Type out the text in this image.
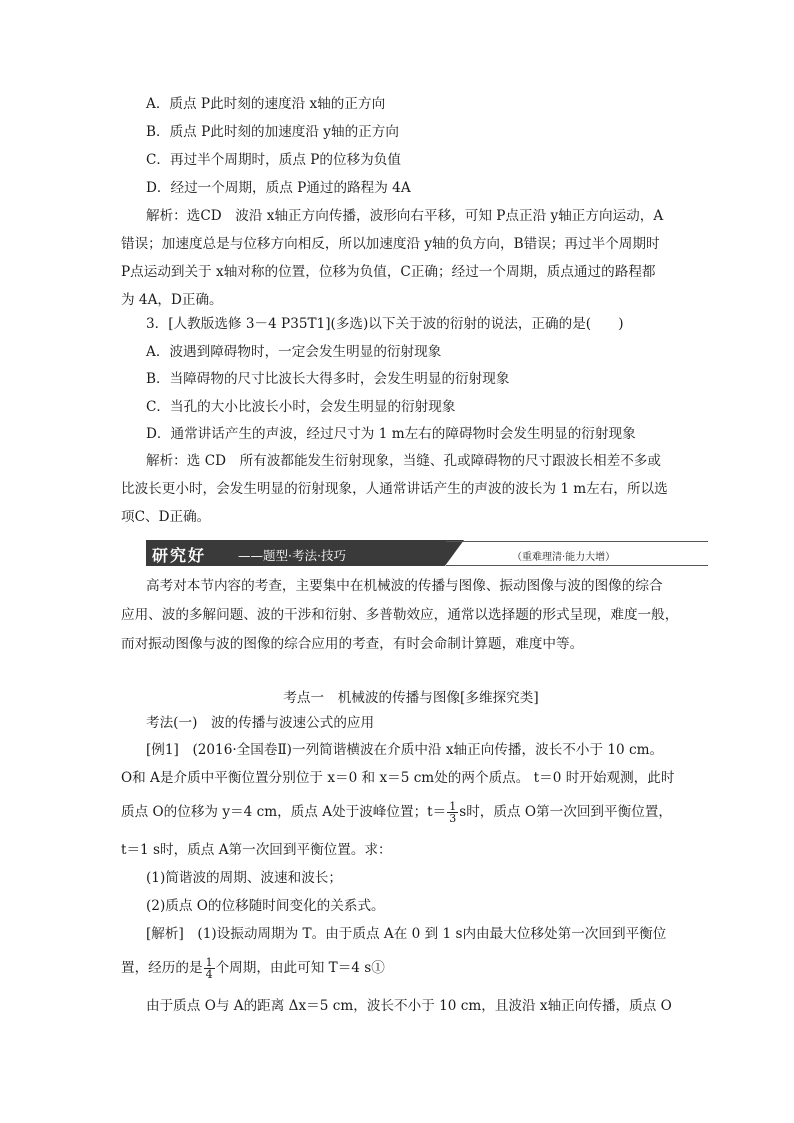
A．质点 P此时刻的速度沿 x轴的正方向
B．质点 P此时刻的加速度沿 y轴的正方向
C．再过半个周期时，质点 P的位移为负值
D．经过一个周期，质点 P通过的路程为 4A
解析：选CD　波沿 x轴正方向传播，波形向右平移，可知 P点正沿 y轴正方向运动，A
错误；加速度总是与位移方向相反，所以加速度沿 y轴的负方向，B错误；再过半个周期时
P点运动到关于 x轴对称的位置，位移为负值，C正确；经过一个周期，质点通过的路程都
为 4A，D正确。
3．[人教版选修 3－4 P35T1](多选)以下关于波的衍射的说法，正确的是(　　)
A．波遇到障碍物时，一定会发生明显的衍射现象
B．当障碍物的尺寸比波长大得多时，会发生明显的衍射现象
C．当孔的大小比波长小时，会发生明显的衍射现象
D．通常讲话产生的声波，经过尺寸为 1 m左右的障碍物时会发生明显的衍射现象
解析：选 CD　所有波都能发生衍射现象，当缝、孔或障碍物的尺寸跟波长相差不多或
比波长更小时，会发生明显的衍射现象，人通常讲话产生的声波的波长为 1 m左右，所以选
项C、D正确。
研究好	——题型·考法·技巧	（重难理清·能力大增）
高考对本节内容的考查，主要集中在机械波的传播与图像、振动图像与波的图像的综合
应用、波的多解问题、波的干涉和衍射、多普勒效应，通常以选择题的形式呈现，难度一般，
而对振动图像与波的图像的综合应用的考查，有时会命制计算题，难度中等。
考点一　机械波的传播与图像[多维探究类]
考法(一)　波的传播与波速公式的应用
[例1]　(2016·全国卷Ⅱ)一列简谐横波在介质中沿 x轴正向传播，波长不小于 10 cm。
O和 A是介质中平衡位置分别位于 x＝0 和 x＝5 cm处的两个质点。 t＝0 时开始观测，此时
质点 O的位移为 y＝4 cm，质点 A处于波峰位置；$t= \frac{1}{3}$ s时，质点 O第一次回到平衡位置，
t＝1 s时，质点 A第一次回到平衡位置。求：
(1)简谐波的周期、波速和波长；
(2)质点 O的位移随时间变化的关系式。
[解析]　(1)设振动周期为 T。由于质点 A在 0 到 1 s内由最大位移处第一次回到平衡位
置，经历的是 $\frac{1}{4}$ 个周期，由此可知 T＝4 s①
由于质点 O与 A的距离 Δx＝5 cm，波长不小于 10 cm，且波沿 x轴正向传播，质点 O
